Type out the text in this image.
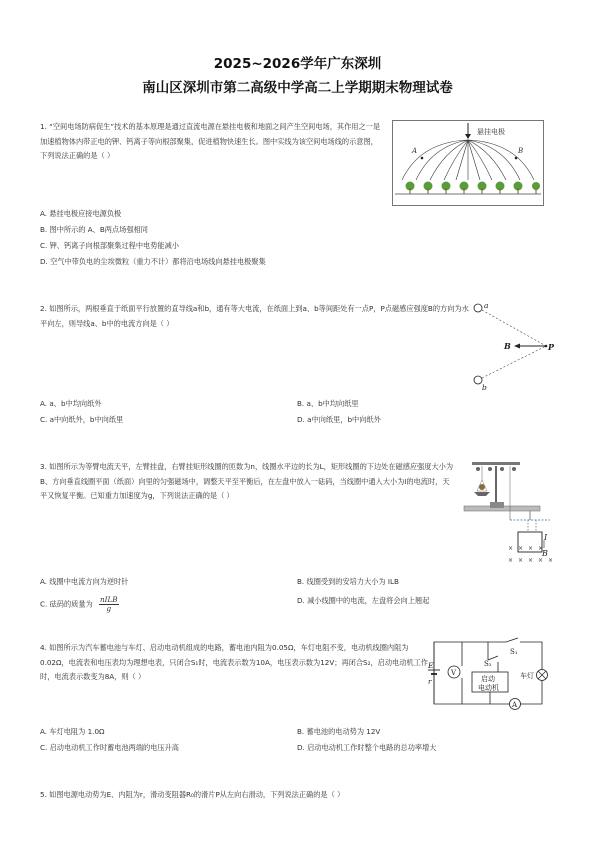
2025~2026学年广东深圳
南山区深圳市第二高级中学高二上学期期末物理试卷
1. “空间电场防病促生”技术的基本原理是通过直流电源在悬挂电极和地面之间产生空间电场，其作用之一是加速植物体内带正电的钾、钙离子等向根部聚集，促进植物快速生长。图中实线为该空间电场线的示意图，下列说法正确的是（ ）
悬挂电极
A	B
A. 悬挂电极应接电源负极
B. 图中所示的 A、B两点场强相同
C. 钾、钙离子向根部聚集过程中电势能减小
D. 空气中带负电的尘埃微粒（重力不计）都将沿电场线向悬挂电极聚集
2. 如图所示，两根垂直于纸面平行放置的直导线a和b，通有等大电流，在纸面上到a、b等间距处有一点P，P点磁感应强度B的方向为水平向左，则导线a、b中的电流方向是（ ）
a
b
B	P
A. a、b中均向纸外	B. a、b中均向纸里
C. a中向纸外，b中向纸里	D. a中向纸里，b中向纸外
3. 如图所示为等臂电流天平，左臂挂盘，右臂挂矩形线圈的匝数为n，线圈水平边的长为L，矩形线圈的下边处在磁感应强度大小为B、方向垂直线圈平面（纸面）向里的匀强磁场中，调整天平至平衡后，在左盘中放入一砝码，当线圈中通入大小为I的电流时，天平又恢复平衡。已知重力加速度为g，下列说法正确的是（ ）
I
× × × ×
× × × × ×
B
A. 线圈中电流方向为逆时针	B. 线圈受到的安培力大小为 ILB
C. 砝码的质量为 nILB
g
D. 减小线圈中的电流，左盘将会向上翘起
4. 如图所示为汽车蓄电池与车灯、启动电动机组成的电路，蓄电池内阻为0.05Ω，车灯电阻不变，电动机线圈内阻为0.02Ω，电流表和电压表均为理想电表，只闭合S₁时，电流表示数为10A，电压表示数为12V；再闭合S₂，启动电动机工作时，电流表示数变为8A，则（ ）
E
r
V
S₁
S₂
启动
电动机
车灯
A
A. 车灯电阻为 1.0Ω	B. 蓄电池的电动势为 12V
C. 启动电动机工作时蓄电池两端的电压升高	D. 启动电动机工作时整个电路的总功率增大
5. 如图电源电动势为E、内阻为r，滑动变阻器R₀的滑片P从左向右滑动，下列说法正确的是（ ）
